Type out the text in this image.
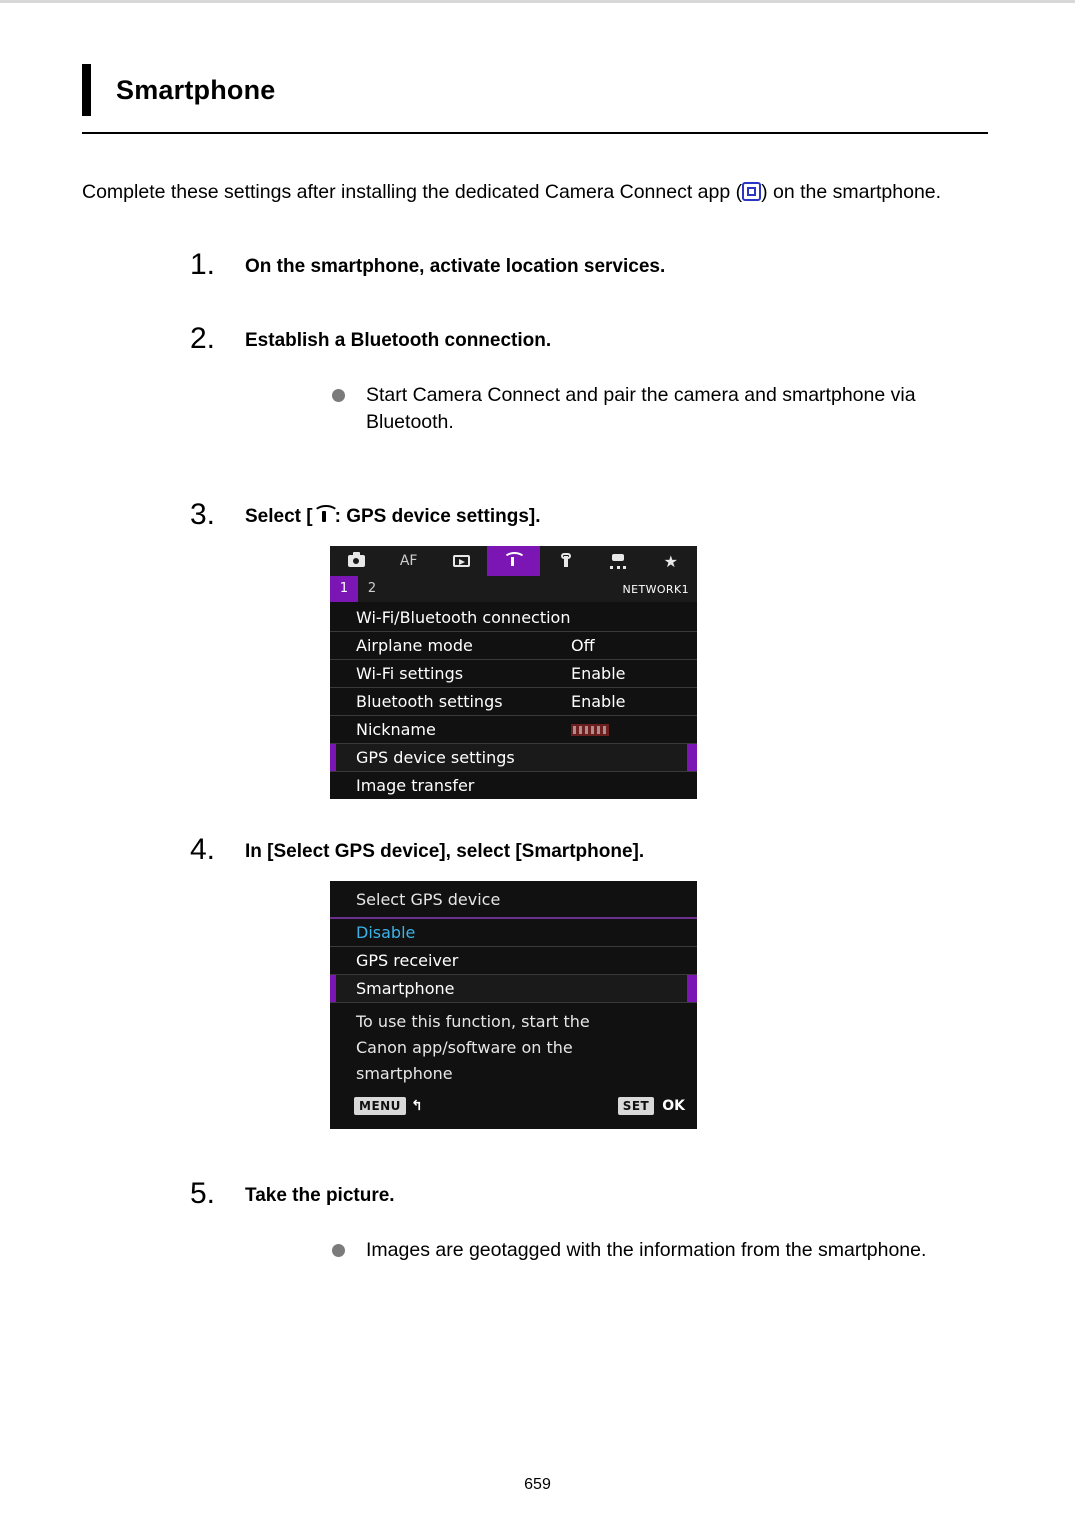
Smartphone
Complete these settings after installing the dedicated Camera Connect app ( ) on the smartphone.
1.	On the smartphone, activate location services.
2.	Establish a Bluetooth connection.
Start Camera Connect and pair the camera and smartphone via Bluetooth.
3.	Select [ : GPS device settings].
AF	★
1	2	NETWORK1
Wi-Fi/Bluetooth connection
Airplane mode	Off
Wi-Fi settings	Enable
Bluetooth settings	Enable
Nickname
GPS device settings
Image transfer
4.	In [Select GPS device], select [Smartphone].
Select GPS device
Disable
GPS receiver
Smartphone
To use this function, start the
Canon app/software on the
smartphone
MENU ↰	SET OK
5.	Take the picture.
Images are geotagged with the information from the smartphone.
659
